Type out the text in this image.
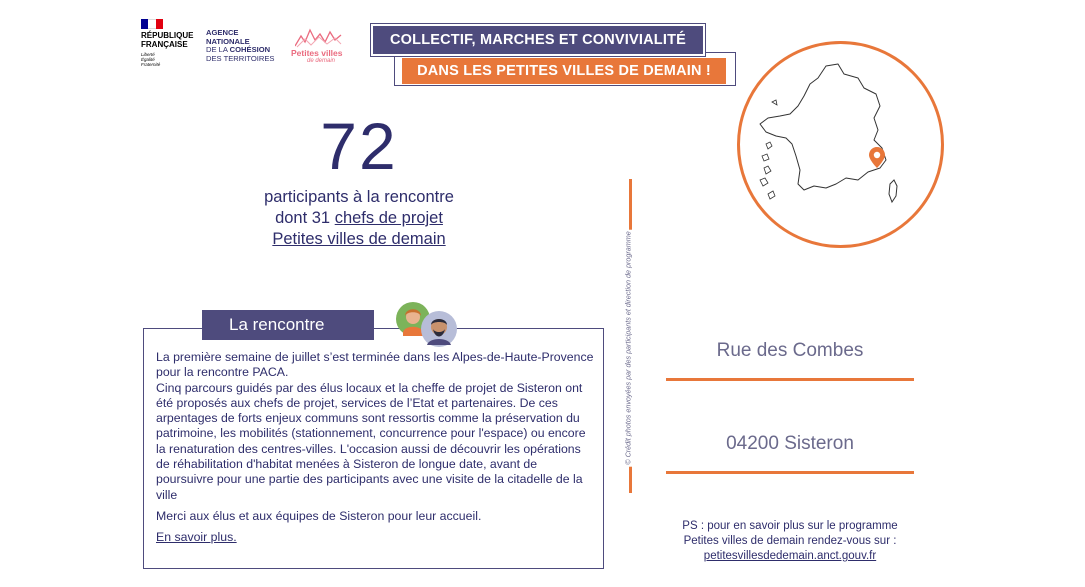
RÉPUBLIQUE
FRANÇAISE
Liberté
Égalité
Fraternité
AGENCE
NATIONALE
DE LA COHÉSION
DES TERRITOIRES	Petites villes
de demain
COLLECTIF, MARCHES ET CONVIVIALITÉ
DANS LES PETITES VILLES DE DEMAIN !
72
participants à la rencontre
dont 31 chefs de projet
Petites villes de demain
La rencontre

La première semaine de juillet s’est terminée dans les Alpes-de-Haute-Provence pour la rencontre PACA.

Cinq parcours guidés par des élus locaux et la cheffe de projet de Sisteron ont été proposés aux chefs de projet, services de l’Etat et partenaires. De ces arpentages de forts enjeux communs sont ressortis comme la préservation du patrimoine, les mobilités (stationnement, concurrence pour l'espace) ou encore la renaturation des centres-villes. L'occasion aussi de découvrir les opérations de réhabilitation d'habitat menées à Sisteron de longue date, avant de poursuivre pour une partie des participants avec une visite de la citadelle de la ville

Merci aux élus et aux équipes de Sisteron pour leur accueil.

En savoir plus.

© Crédit photos envoyées par des participants et direction de programme	Rue des Combes
04200 Sisteron
PS : pour en savoir plus sur le programme
Petites villes de demain rendez-vous sur :
petitesvillesdedemain.anct.gouv.fr
